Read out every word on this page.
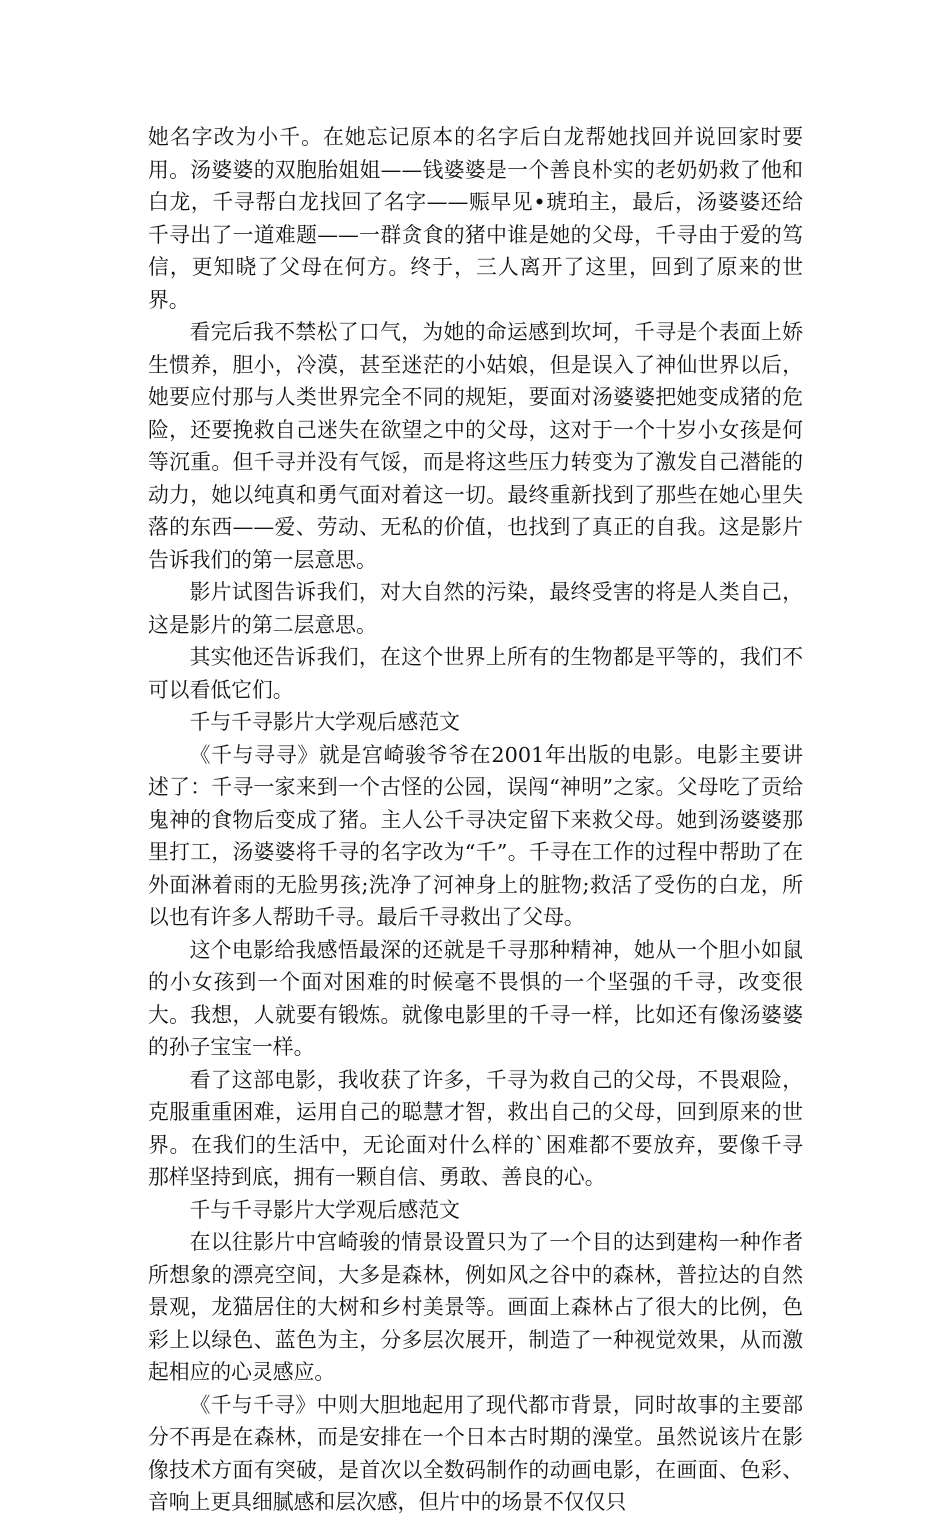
她名字改为小千。在她忘记原本的名字后白龙帮她找回并说回家时要用。汤婆婆的双胞胎姐姐——钱婆婆是一个善良朴实的老奶奶救了他和白龙，千寻帮白龙找回了名字——赈早见•琥珀主，最后，汤婆婆还给千寻出了一道难题——一群贪食的猪中谁是她的父母，千寻由于爱的笃信，更知晓了父母在何方。终于，三人离开了这里，回到了原来的世界。

看完后我不禁松了口气，为她的命运感到坎坷，千寻是个表面上娇生惯养，胆小，冷漠，甚至迷茫的小姑娘，但是误入了神仙世界以后，她要应付那与人类世界完全不同的规矩，要面对汤婆婆把她变成猪的危险，还要挽救自己迷失在欲望之中的父母，这对于一个十岁小女孩是何等沉重。但千寻并没有气馁，而是将这些压力转变为了激发自己潜能的动力，她以纯真和勇气面对着这一切。最终重新找到了那些在她心里失落的东西——爱、劳动、无私的价值，也找到了真正的自我。这是影片告诉我们的第一层意思。

影片试图告诉我们，对大自然的污染，最终受害的将是人类自己，这是影片的第二层意思。

其实他还告诉我们，在这个世界上所有的生物都是平等的，我们不可以看低它们。

千与千寻影片大学观后感范文

《千与寻寻》就是宫崎骏爷爷在2001年出版的电影。电影主要讲述了：千寻一家来到一个古怪的公园，误闯“神明”之家。父母吃了贡给鬼神的食物后变成了猪。主人公千寻决定留下来救父母。她到汤婆婆那里打工，汤婆婆将千寻的名字改为“千”。千寻在工作的过程中帮助了在外面淋着雨的无脸男孩;洗净了河神身上的脏物;救活了受伤的白龙，所以也有许多人帮助千寻。最后千寻救出了父母。

这个电影给我感悟最深的还就是千寻那种精神，她从一个胆小如鼠的小女孩到一个面对困难的时候毫不畏惧的一个坚强的千寻，改变很大。我想，人就要有锻炼。就像电影里的千寻一样，比如还有像汤婆婆的孙子宝宝一样。

看了这部电影，我收获了许多，千寻为救自己的父母，不畏艰险，克服重重困难，运用自己的聪慧才智，救出自己的父母，回到原来的世界。在我们的生活中，无论面对什么样的`困难都不要放弃，要像千寻那样坚持到底，拥有一颗自信、勇敢、善良的心。

千与千寻影片大学观后感范文

在以往影片中宫崎骏的情景设置只为了一个目的达到建构一种作者所想象的漂亮空间，大多是森林，例如风之谷中的森林，普拉达的自然景观，龙猫居住的大树和乡村美景等。画面上森林占了很大的比例，色彩上以绿色、蓝色为主，分多层次展开，制造了一种视觉效果，从而激起相应的心灵感应。

《千与千寻》中则大胆地起用了现代都市背景，同时故事的主要部分不再是在森林，而是安排在一个日本古时期的澡堂。虽然说该片在影像技术方面有突破，是首次以全数码制作的动画电影，在画面、色彩、音响上更具细腻感和层次感，但片中的场景不仅仅只
